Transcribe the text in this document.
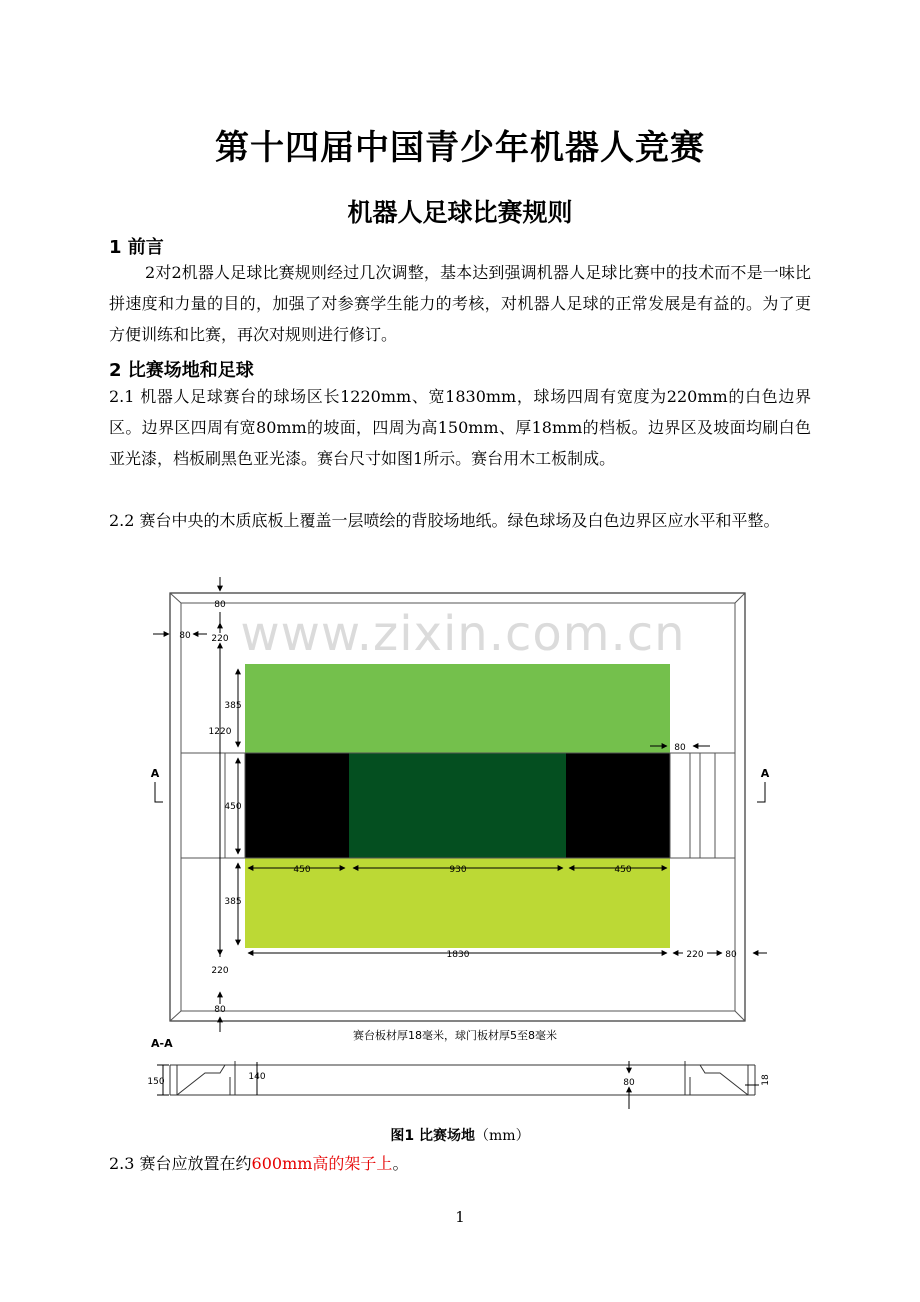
第十四届中国青少年机器人竞赛
机器人足球比赛规则
1 前言

2对2机器人足球比赛规则经过几次调整，基本达到强调机器人足球比赛中的技术而不是一味比拼速度和力量的目的，加强了对参赛学生能力的考核，对机器人足球的正常发展是有益的。为了更方便训练和比赛，再次对规则进行修订。

2 比赛场地和足球

2.1 机器人足球赛台的球场区长1220mm、宽1830mm，球场四周有宽度为220mm的白色边界区。边界区四周有宽80mm的坡面，四周为高150mm、厚18mm的档板。边界区及坡面均刷白色亚光漆，档板刷黑色亚光漆。赛台尺寸如图1所示。赛台用木工板制成。

2.2 赛台中央的木质底板上覆盖一层喷绘的背胶场地纸。绿色球场及白色边界区应水平和平整。

80
220
80
1220
385
450
385
80
450	930	450
1830	220 80
220
80
A	A
赛台板材厚18毫米，球门板材厚5至8毫米
A-A
150	140
80	18
www.zixin.com.cn
图1 比赛场地（mm）

2.3 赛台应放置在约600mm高的架子上。

1
